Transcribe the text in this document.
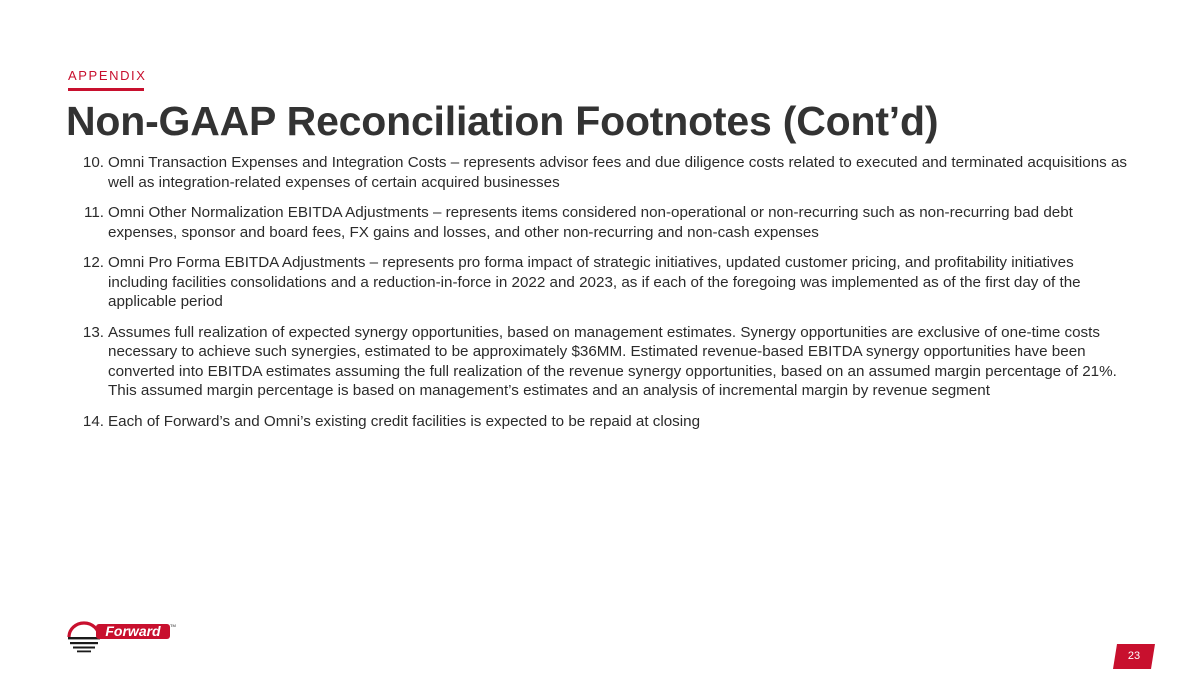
APPENDIX
Non-GAAP Reconciliation Footnotes (Cont’d)
10. Omni Transaction Expenses and Integration Costs – represents advisor fees and due diligence costs related to executed and terminated acquisitions as well as integration-related expenses of certain acquired businesses
11. Omni Other Normalization EBITDA Adjustments – represents items considered non-operational or non-recurring such as non-recurring bad debt expenses, sponsor and board fees, FX gains and losses, and other non-recurring and non-cash expenses
12. Omni Pro Forma EBITDA Adjustments – represents pro forma impact of strategic initiatives, updated customer pricing, and profitability initiatives including facilities consolidations and a reduction-in-force in 2022 and 2023, as if each of the foregoing was implemented as of the first day of the applicable period
13. Assumes full realization of expected synergy opportunities, based on management estimates. Synergy opportunities are exclusive of one-time costs necessary to achieve such synergies, estimated to be approximately $36MM. Estimated revenue-based EBITDA synergy opportunities have been converted into EBITDA estimates assuming the full realization of the revenue synergy opportunities, based on an assumed margin percentage of 21%. This assumed margin percentage is based on management’s estimates and an analysis of incremental margin by revenue segment
14. Each of Forward’s and Omni’s existing credit facilities is expected to be repaid at closing
Forward TM
23
